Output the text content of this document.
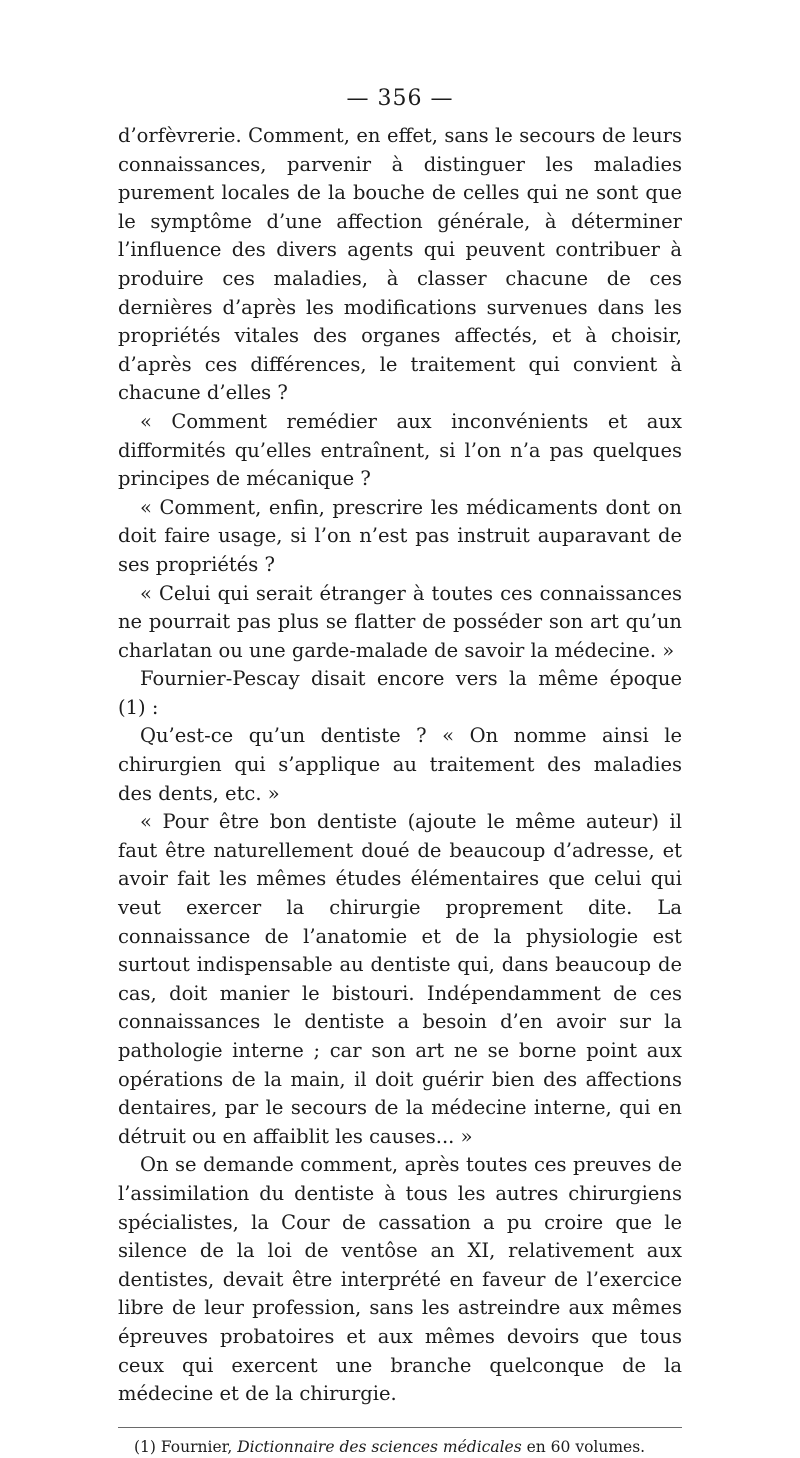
— 356 —

d’orfèvrerie. Comment, en effet, sans le secours de leurs connaissances, parvenir à distinguer les maladies purement locales de la bouche de celles qui ne sont que le symptôme d’une affection générale, à déterminer l’influence des divers agents qui peuvent contribuer à produire ces maladies, à classer chacune de ces dernières d’après les modifications survenues dans les propriétés vitales des organes affectés, et à choisir, d’après ces différences, le traitement qui convient à chacune d’elles ?

« Comment remédier aux inconvénients et aux difformités qu’elles entraînent, si l’on n’a pas quelques principes de mécanique ?

« Comment, enfin, prescrire les médicaments dont on doit faire usage, si l’on n’est pas instruit auparavant de ses propriétés ?

« Celui qui serait étranger à toutes ces connaissances ne pourrait pas plus se flatter de posséder son art qu’un charlatan ou une garde-malade de savoir la médecine. »

Fournier-Pescay disait encore vers la même époque (1) :

Qu’est-ce qu’un dentiste ? « On nomme ainsi le chirurgien qui s’applique au traitement des maladies des dents, etc. »

« Pour être bon dentiste (ajoute le même auteur) il faut être naturellement doué de beaucoup d’adresse, et avoir fait les mêmes études élémentaires que celui qui veut exercer la chirurgie proprement dite. La connaissance de l’anatomie et de la physiologie est surtout indispensable au dentiste qui, dans beaucoup de cas, doit manier le bistouri. Indépendamment de ces connaissances le dentiste a besoin d’en avoir sur la pathologie interne ; car son art ne se borne point aux opérations de la main, il doit guérir bien des affections dentaires, par le secours de la médecine interne, qui en détruit ou en affaiblit les causes... »

On se demande comment, après toutes ces preuves de l’assimilation du dentiste à tous les autres chirurgiens spécialistes, la Cour de cassation a pu croire que le silence de la loi de ventôse an XI, relativement aux dentistes, devait être interprété en faveur de l’exercice libre de leur profession, sans les astreindre aux mêmes épreuves probatoires et aux mêmes devoirs que tous ceux qui exercent une branche quelconque de la médecine et de la chirurgie.

(1) Fournier, Dictionnaire des sciences médicales en 60 volumes.
